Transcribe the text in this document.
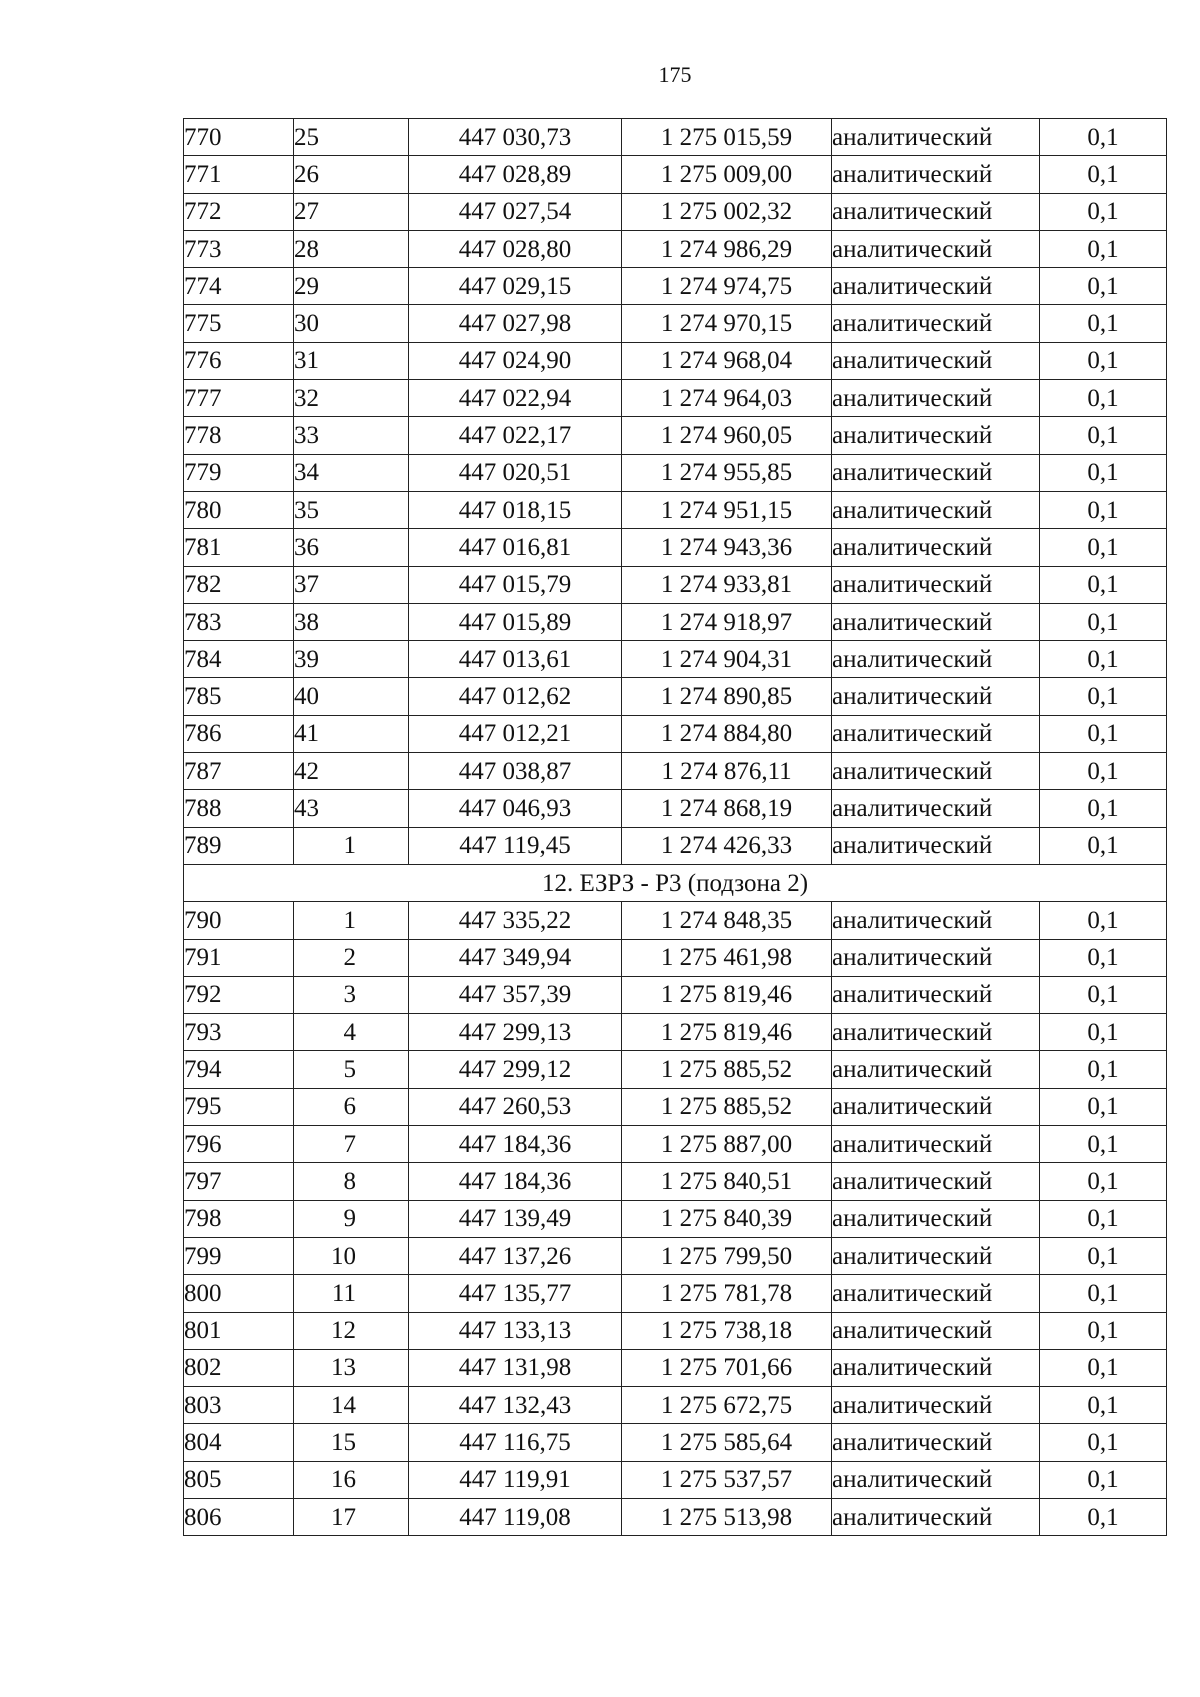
175
770	25	447 030,73	1 275 015,59	аналитический	0,1
771	26	447 028,89	1 275 009,00	аналитический	0,1
772	27	447 027,54	1 275 002,32	аналитический	0,1
773	28	447 028,80	1 274 986,29	аналитический	0,1
774	29	447 029,15	1 274 974,75	аналитический	0,1
775	30	447 027,98	1 274 970,15	аналитический	0,1
776	31	447 024,90	1 274 968,04	аналитический	0,1
777	32	447 022,94	1 274 964,03	аналитический	0,1
778	33	447 022,17	1 274 960,05	аналитический	0,1
779	34	447 020,51	1 274 955,85	аналитический	0,1
780	35	447 018,15	1 274 951,15	аналитический	0,1
781	36	447 016,81	1 274 943,36	аналитический	0,1
782	37	447 015,79	1 274 933,81	аналитический	0,1
783	38	447 015,89	1 274 918,97	аналитический	0,1
784	39	447 013,61	1 274 904,31	аналитический	0,1
785	40	447 012,62	1 274 890,85	аналитический	0,1
786	41	447 012,21	1 274 884,80	аналитический	0,1
787	42	447 038,87	1 274 876,11	аналитический	0,1
788	43	447 046,93	1 274 868,19	аналитический	0,1
789	1	447 119,45	1 274 426,33	аналитический	0,1
12. ЕЗРЗ - Р3 (подзона 2)					
790	1	447 335,22	1 274 848,35	аналитический	0,1
791	2	447 349,94	1 275 461,98	аналитический	0,1
792	3	447 357,39	1 275 819,46	аналитический	0,1
793	4	447 299,13	1 275 819,46	аналитический	0,1
794	5	447 299,12	1 275 885,52	аналитический	0,1
795	6	447 260,53	1 275 885,52	аналитический	0,1
796	7	447 184,36	1 275 887,00	аналитический	0,1
797	8	447 184,36	1 275 840,51	аналитический	0,1
798	9	447 139,49	1 275 840,39	аналитический	0,1
799	10	447 137,26	1 275 799,50	аналитический	0,1
800	11	447 135,77	1 275 781,78	аналитический	0,1
801	12	447 133,13	1 275 738,18	аналитический	0,1
802	13	447 131,98	1 275 701,66	аналитический	0,1
803	14	447 132,43	1 275 672,75	аналитический	0,1
804	15	447 116,75	1 275 585,64	аналитический	0,1
805	16	447 119,91	1 275 537,57	аналитический	0,1
806	17	447 119,08	1 275 513,98	аналитический	0,1
